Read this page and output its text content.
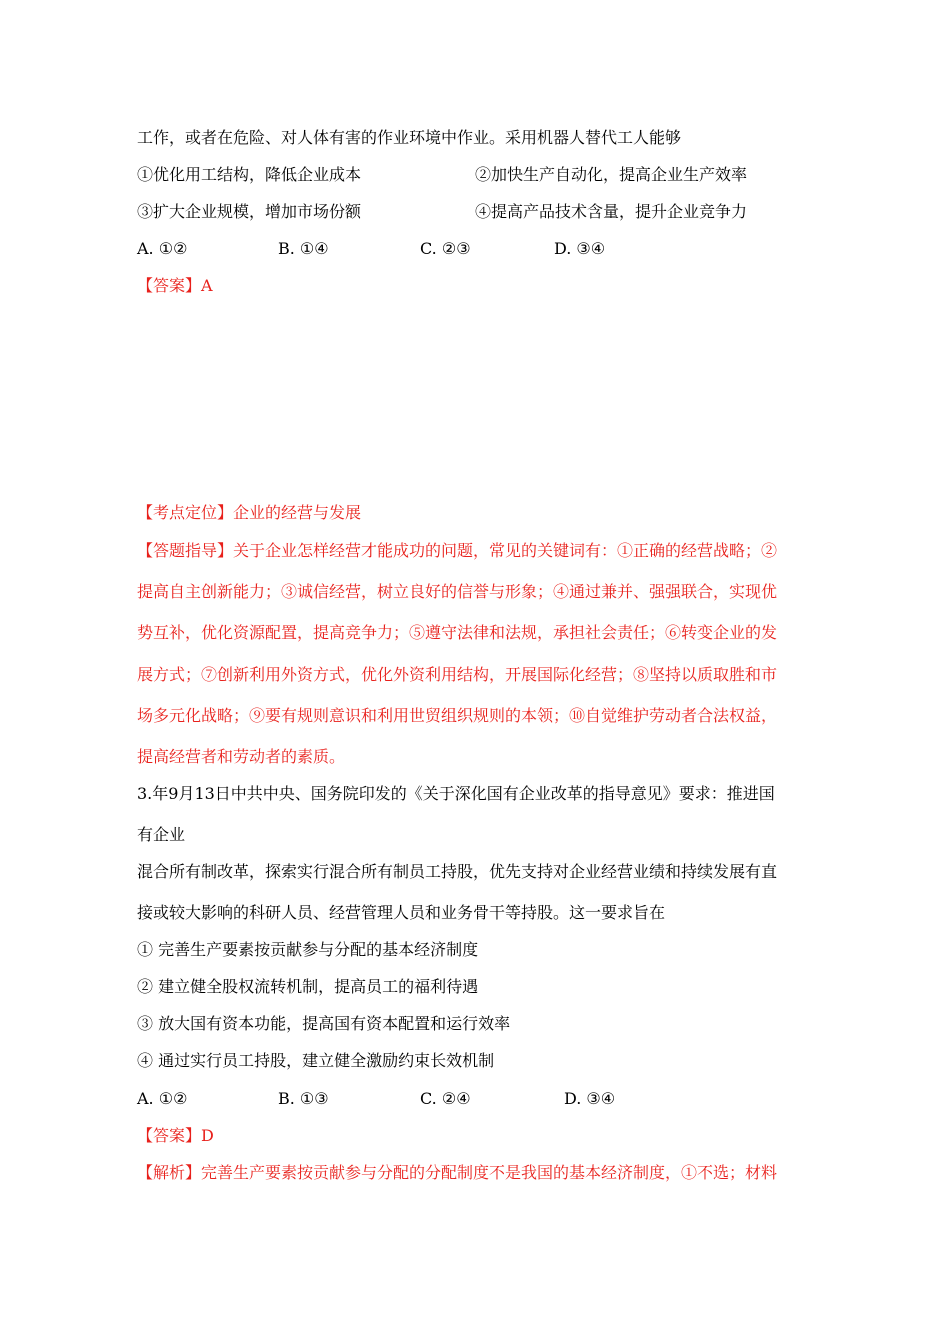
工作，或者在危险、对人体有害的作业环境中作业。采用机器人替代工人能够
①优化用工结构，降低企业成本	②加快生产自动化，提高企业生产效率
③扩大企业规模，增加市场份额	④提高产品技术含量，提升企业竞争力
A. ①②	B. ①④	C. ②③	D. ③④
【答案】A
【考点定位】企业的经营与发展
【答题指导】关于企业怎样经营才能成功的问题，常见的关键词有：①正确的经营战略；②
提高自主创新能力；③诚信经营，树立良好的信誉与形象；④通过兼并、强强联合，实现优
势互补，优化资源配置，提高竞争力；⑤遵守法律和法规，承担社会责任；⑥转变企业的发
展方式；⑦创新利用外资方式，优化外资利用结构，开展国际化经营；⑧坚持以质取胜和市
场多元化战略；⑨要有规则意识和利用世贸组织规则的本领；⑩自觉维护劳动者合法权益，
提高经营者和劳动者的素质。
3.年9月13日中共中央、国务院印发的《关于深化国有企业改革的指导意见》要求：推进国
有企业
混合所有制改革，探索实行混合所有制员工持股，优先支持对企业经营业绩和持续发展有直
接或较大影响的科研人员、经营管理人员和业务骨干等持股。这一要求旨在
① 完善生产要素按贡献参与分配的基本经济制度
② 建立健全股权流转机制，提高员工的福利待遇
③ 放大国有资本功能，提高国有资本配置和运行效率
④ 通过实行员工持股，建立健全激励约束长效机制
A. ①②	B. ①③	C. ②④	D. ③④
【答案】D
【解析】完善生产要素按贡献参与分配的分配制度不是我国的基本经济制度，①不选；材料
